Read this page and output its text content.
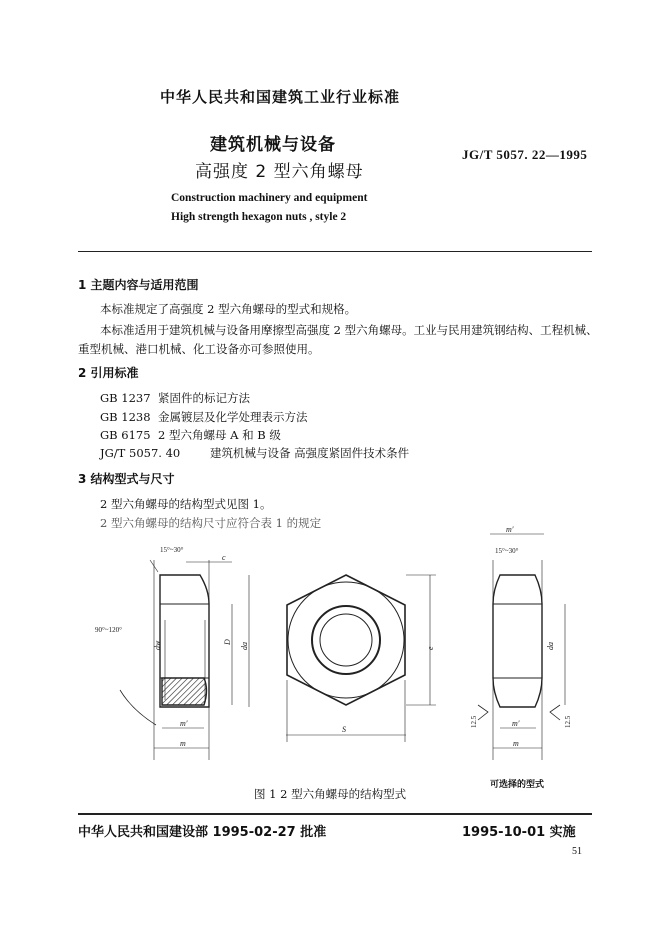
中华人民共和国建筑工业行业标准
建筑机械与设备
高强度 2 型六角螺母
JG/T 5057. 22—1995
Construction machinery and equipment
High strength hexagon nuts , style 2
1 主题内容与适用范围
本标准规定了高强度 2 型六角螺母的型式和规格。
本标准适用于建筑机械与设备用摩擦型高强度 2 型六角螺母。工业与民用建筑钢结构、工程机械、
重型机械、港口机械、化工设备亦可参照使用。
2 引用标准
GB 1237 紧固件的标记方法
GB 1238 金属镀层及化学处理表示方法
GB 6175 2 型六角螺母 A 和 B 级
JG/T 5057. 40	建筑机械与设备 高强度紧固件技术条件
3 结构型式与尺寸
2 型六角螺母的结构型式见图 1。
2 型六角螺母的结构尺寸应符合表 1 的规定
15°~30°
90°~120°
c
dw	D da
m′
m
e
S
m′
15°~30°
da
m′
m
12.5	12.5
可选择的型式
图 1 2 型六角螺母的结构型式
中华人民共和国建设部 1995-02-27 批准	1995-10-01 实施
51
